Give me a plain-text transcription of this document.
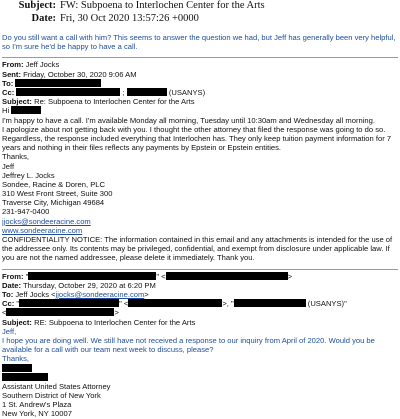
Subject: FW: Subpoena to Interlochen Center for the Arts
Date: Fri, 30 Oct 2020 13:57:26 +0000
Do you still want a call with him? This seems to answer the question we had, but Jeff has generally been very helpful, so I'm sure he'd be happy to have a call.
From: Jeff Jocks
Sent: Friday, October 30, 2020 9:06 AM
To:
Cc:	;	(USANYS)
Subject: Re: Subpoena to Interlochen Center for the Arts
Hi
I'm happy to have a call. I'm available Monday all morning, Tuesday until 10:30am and Wednesday all morning.
I apologize about not getting back with you. I thought the other attorney that filed the response was going to do so. Regardless, the response included everything that Interlochen has. They only keep tuition payment information for 7 years and nothing in their files reflects any payments by Epstein or Epstein entities.
Thanks,
Jeff
Jeffrey L. Jocks
Sondee, Racine & Doren, PLC
310 West Front Street, Suite 300
Traverse City, Michigan 49684
231-947-0400
jjocks@sondeeracine.com
www.sondeeracine.com
CONFIDENTIALITY NOTICE: The information contained in this email and any attachments is intended for the use of the addressee only. Its contents may be privileged, confidential, and exempt from disclosure under applicable law. If you are not the named addressee, please delete it immediately. Thank you.
From: "	" <	>
Date: Thursday, October 29, 2020 at 6:20 PM
To: Jeff Jocks <jjocks@sondeeracine.com>
Cc: "	" <	>, "	(USANYS)"
<	>
Subject: RE: Subpoena to Interlochen Center for the Arts
Jeff,
I hope you are doing well. We still have not received a response to our inquiry from April of 2020. Would you be available for a call with our team next week to discuss, please?
Thanks,
Assistant United States Attorney
Southern District of New York
1 St. Andrew's Plaza
New York, NY 10007
